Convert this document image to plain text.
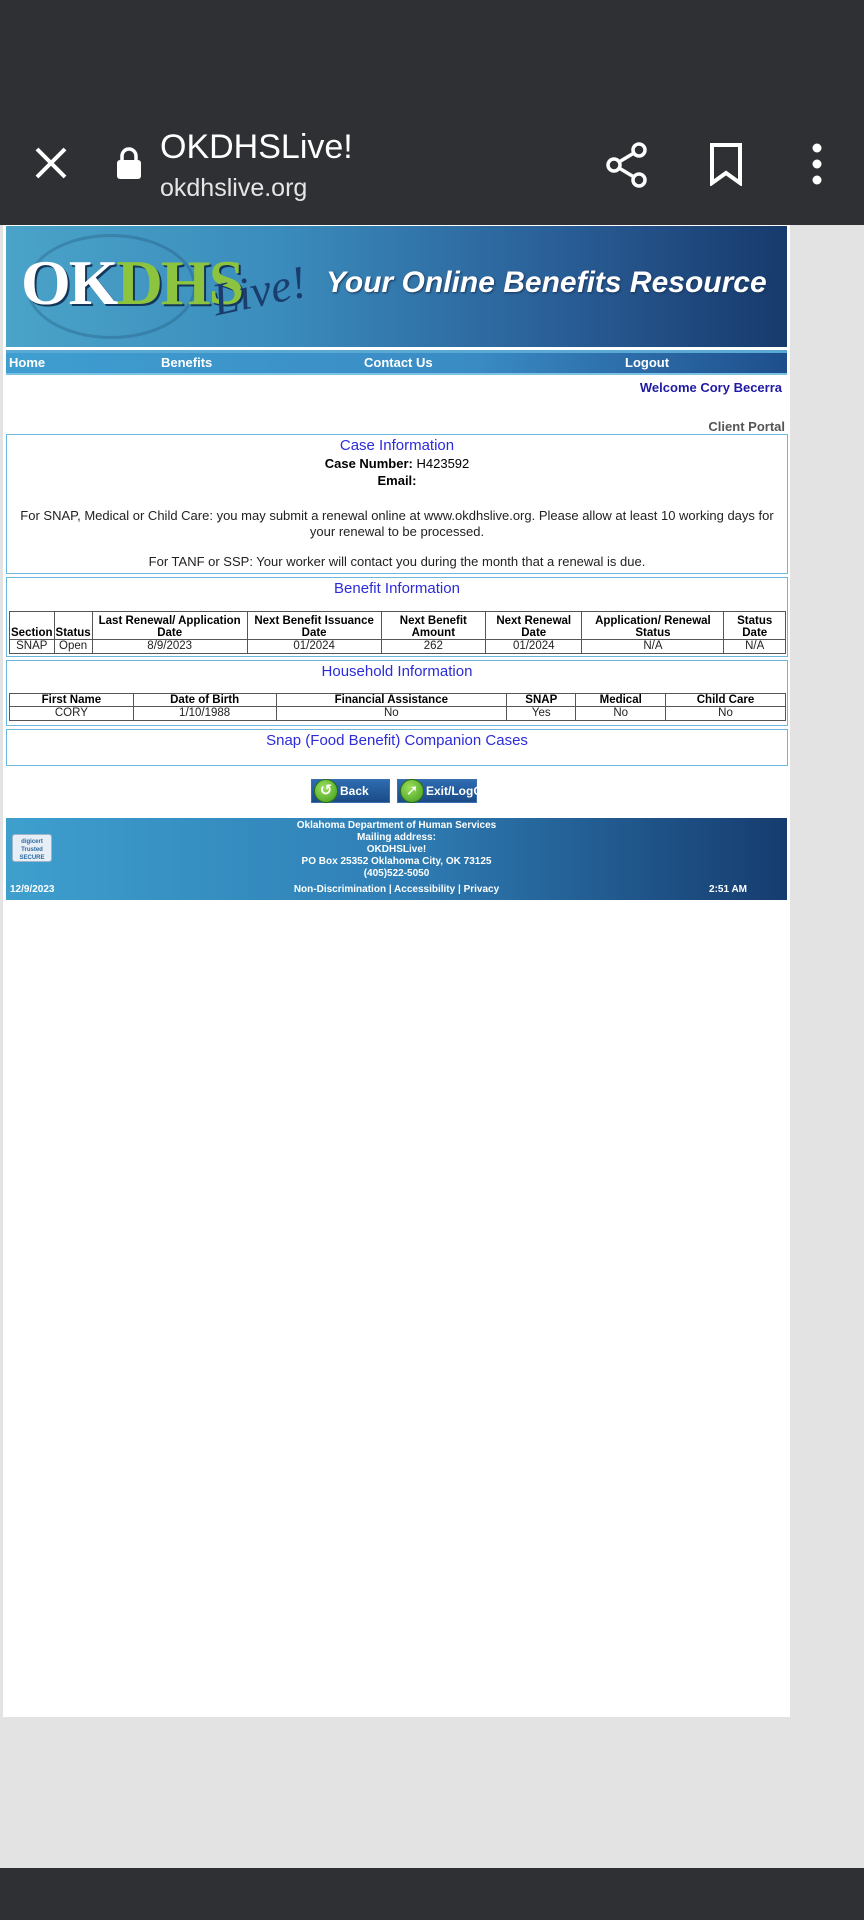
OKDHSLive!
okdhslive.org
OKDHS
Live! Your Online Benefits Resource
Home	Benefits	Contact Us	Logout
Welcome Cory Becerra
Client Portal
Case Information
Case Number: H423592
Email:
For SNAP, Medical or Child Care: you may submit a renewal online at www.okdhslive.org. Please allow at least 10 working days for your renewal to be processed.
For TANF or SSP: Your worker will contact you during the month that a renewal is due.
Benefit Information
Section	Status	Last Renewal/ Application Date	Next Benefit Issuance Date	Next Benefit Amount	Next Renewal Date	Application/ Renewal Status	Status Date
SNAP	Open	8/9/2023	01/2024	262	01/2024	N/A	N/A
Household Information
First Name	Date of Birth	Financial Assistance	SNAP	Medical	Child Care
CORY	1/10/1988	No	Yes	No	No
Snap (Food Benefit) Companion Cases
↺ Back	➚ Exit/LogOff
digicert
Trusted
SECURE
Oklahoma Department of Human Services
Mailing address:
OKDHSLive!
PO Box 25352 Oklahoma City, OK 73125
(405)522-5050
Non-Discrimination | Accessibility | Privacy
12/9/2023	2:51 AM
